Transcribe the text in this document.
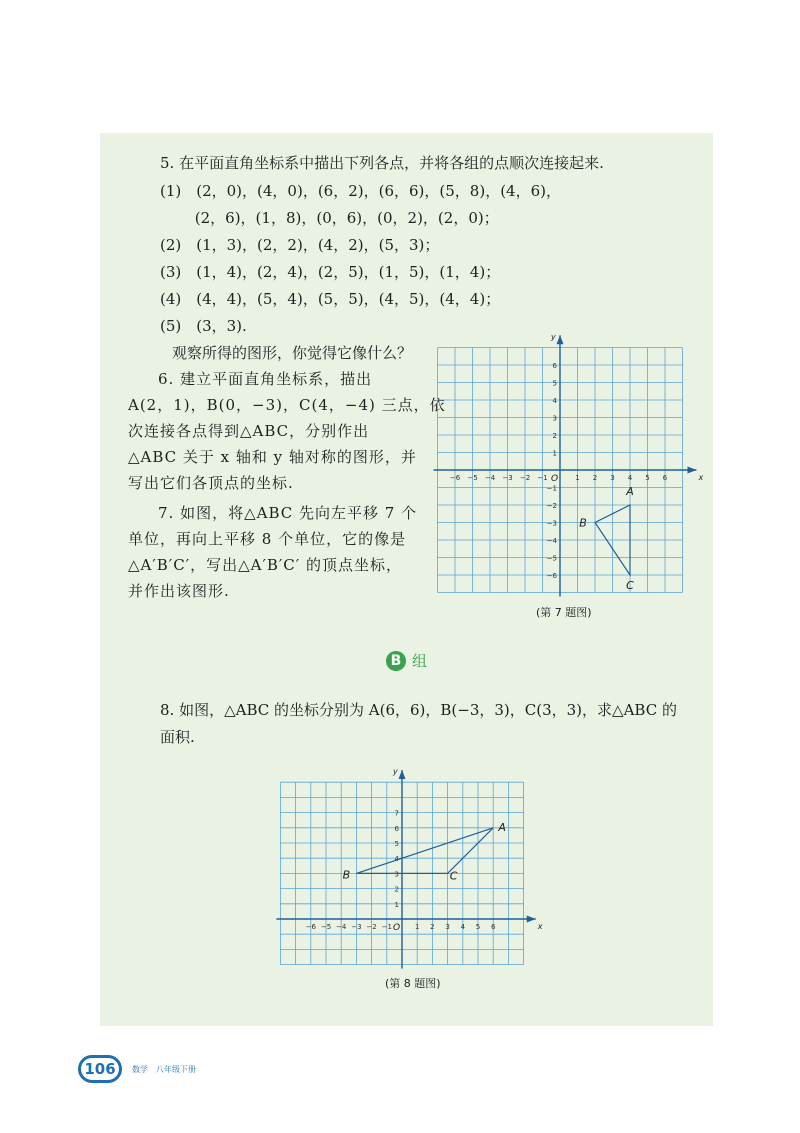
5. 在平面直角坐标系中描出下列各点，并将各组的点顺次连接起来.
(1)　(2，0)，(4，0)，(6，2)，(6，6)，(5，8)，(4，6)，
　　 (2，6)，(1，8)，(0，6)，(0，2)，(2，0)；
(2)　(1，3)，(2，2)，(4，2)，(5，3)；
(3)　(1，4)，(2，4)，(2，5)，(1，5)，(1，4)；
(4)　(4，4)，(5，4)，(5，5)，(4，5)，(4，4)；
(5)　(3，3).
观察所得的图形，你觉得它像什么？

6. 建立平面直角坐标系，描出

A(2，1)，B(0，−3)，C(4，−4) 三点，依

次连接各点得到△ABC，分别作出

△ABC 关于 x 轴和 y 轴对称的图形，并

写出它们各顶点的坐标.

7. 如图，将△ABC 先向左平移 7 个

单位，再向上平移 8 个单位，它的像是

△A′B′C′，写出△A′B′C′ 的顶点坐标，

并作出该图形.

x
y
O
−6 −5 −4 −3 −2 −1	1 2 3 4 5 6
1
2
3
4
5
6
−1
−2
−3
−4
−5
−6
A
B
C
(第 7 题图)
B 组
8. 如图，△ABC 的坐标分别为 A(6，6)，B(−3，3)，C(3，3)，求△ABC 的
面积.
x
y
O
−6 −5 −4 −3 −2 −1	1 2 3 4 5 6
1
2
3
4
5
6
7
A
B	C
(第 8 题图)
106	数学　八年级下册
